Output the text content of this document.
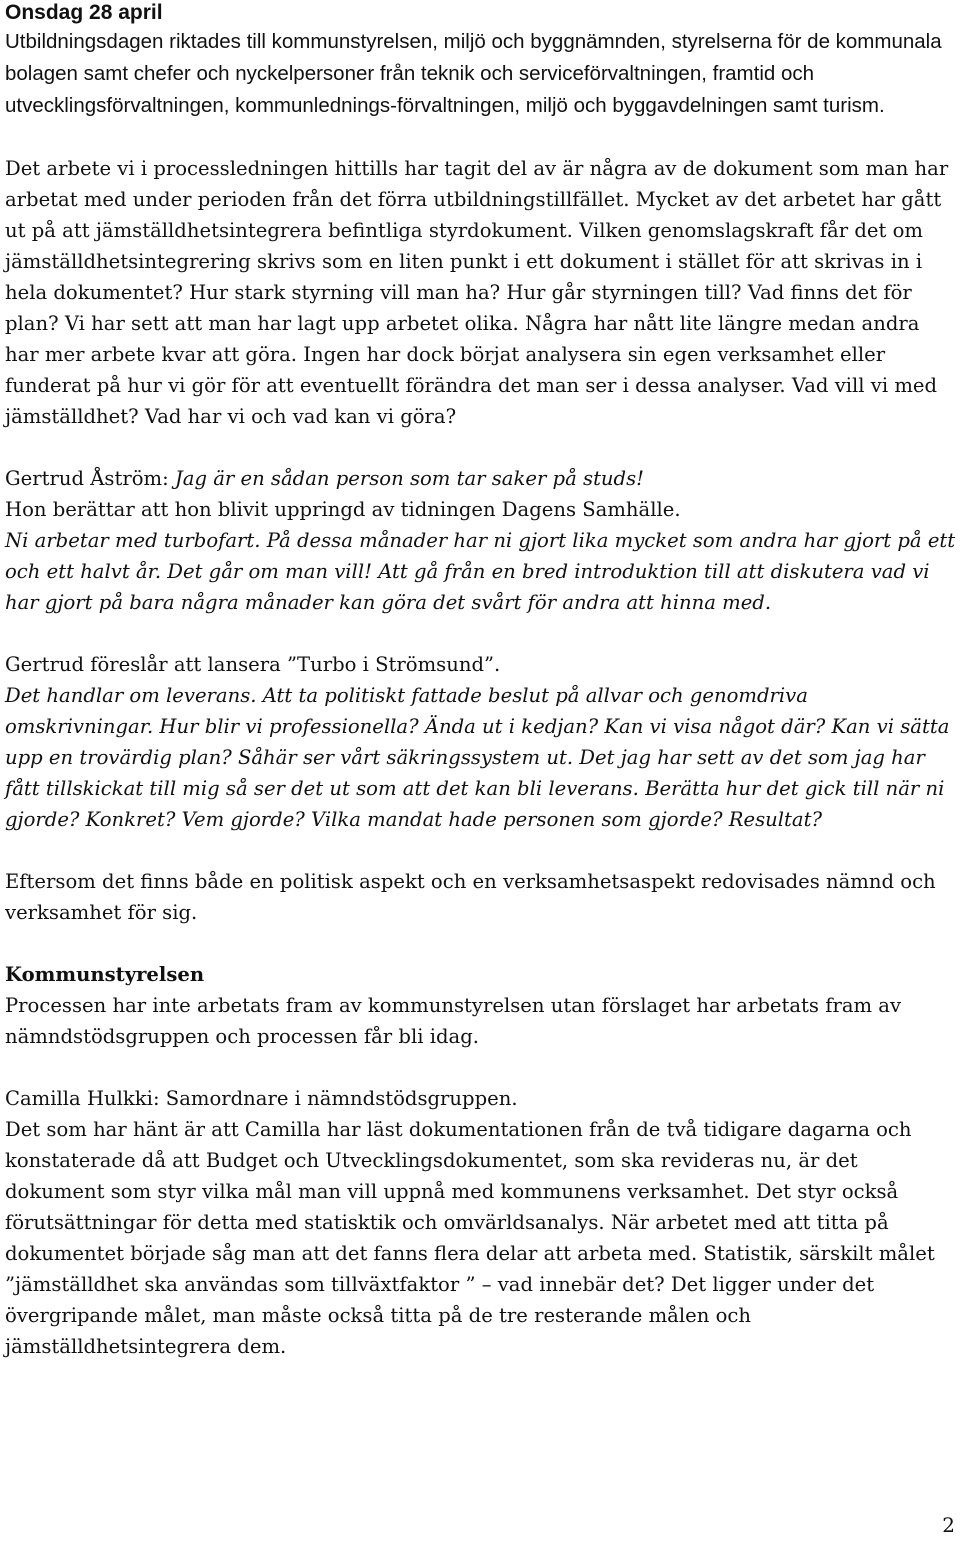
Onsdag 28 april

Utbildningsdagen riktades till kommunstyrelsen, miljö och byggnämnden, styrelserna för de kommunala bolagen samt chefer och nyckelpersoner från teknik och serviceförvaltningen, framtid och utvecklingsförvaltningen, kommunlednings-förvaltningen, miljö och byggavdelningen samt turism.

Det arbete vi i processledningen hittills har tagit del av är några av de dokument som man har arbetat med under perioden från det förra utbildningstillfället. Mycket av det arbetet har gått ut på att jämställdhetsintegrera befintliga styrdokument. Vilken genomslagskraft får det om jämställdhetsintegrering skrivs som en liten punkt i ett dokument i stället för att skrivas in i hela dokumentet? Hur stark styrning vill man ha? Hur går styrningen till? Vad finns det för plan? Vi har sett att man har lagt upp arbetet olika. Några har nått lite längre medan andra har mer arbete kvar att göra. Ingen har dock börjat analysera sin egen verksamhet eller funderat på hur vi gör för att eventuellt förändra det man ser i dessa analyser. Vad vill vi med jämställdhet? Vad har vi och vad kan vi göra?

Gertrud Åström: Jag är en sådan person som tar saker på studs!

Hon berättar att hon blivit uppringd av tidningen Dagens Samhälle.

Ni arbetar med turbofart. På dessa månader har ni gjort lika mycket som andra har gjort på ett och ett halvt år. Det går om man vill! Att gå från en bred introduktion till att diskutera vad vi har gjort på bara några månader kan göra det svårt för andra att hinna med.

Gertrud föreslår att lansera ”Turbo i Strömsund”.

Det handlar om leverans. Att ta politiskt fattade beslut på allvar och genomdriva omskrivningar. Hur blir vi professionella? Ända ut i kedjan? Kan vi visa något där? Kan vi sätta upp en trovärdig plan? Såhär ser vårt säkringssystem ut. Det jag har sett av det som jag har fått tillskickat till mig så ser det ut som att det kan bli leverans. Berätta hur det gick till när ni gjorde? Konkret? Vem gjorde? Vilka mandat hade personen som gjorde? Resultat?

Eftersom det finns både en politisk aspekt och en verksamhetsaspekt redovisades nämnd och verksamhet för sig.

Kommunstyrelsen

Processen har inte arbetats fram av kommunstyrelsen utan förslaget har arbetats fram av nämndstödsgruppen och processen får bli idag.

Camilla Hulkki: Samordnare i nämndstödsgruppen.

Det som har hänt är att Camilla har läst dokumentationen från de två tidigare dagarna och konstaterade då att Budget och Utvecklingsdokumentet, som ska revideras nu, är det dokument som styr vilka mål man vill uppnå med kommunens verksamhet. Det styr också förutsättningar för detta med statisktik och omvärldsanalys. När arbetet med att titta på dokumentet började såg man att det fanns flera delar att arbeta med. Statistik, särskilt målet ”jämställdhet ska användas som tillväxtfaktor ” – vad innebär det? Det ligger under det övergripande målet, man måste också titta på de tre resterande målen och jämställdhetsintegrera dem.

2
